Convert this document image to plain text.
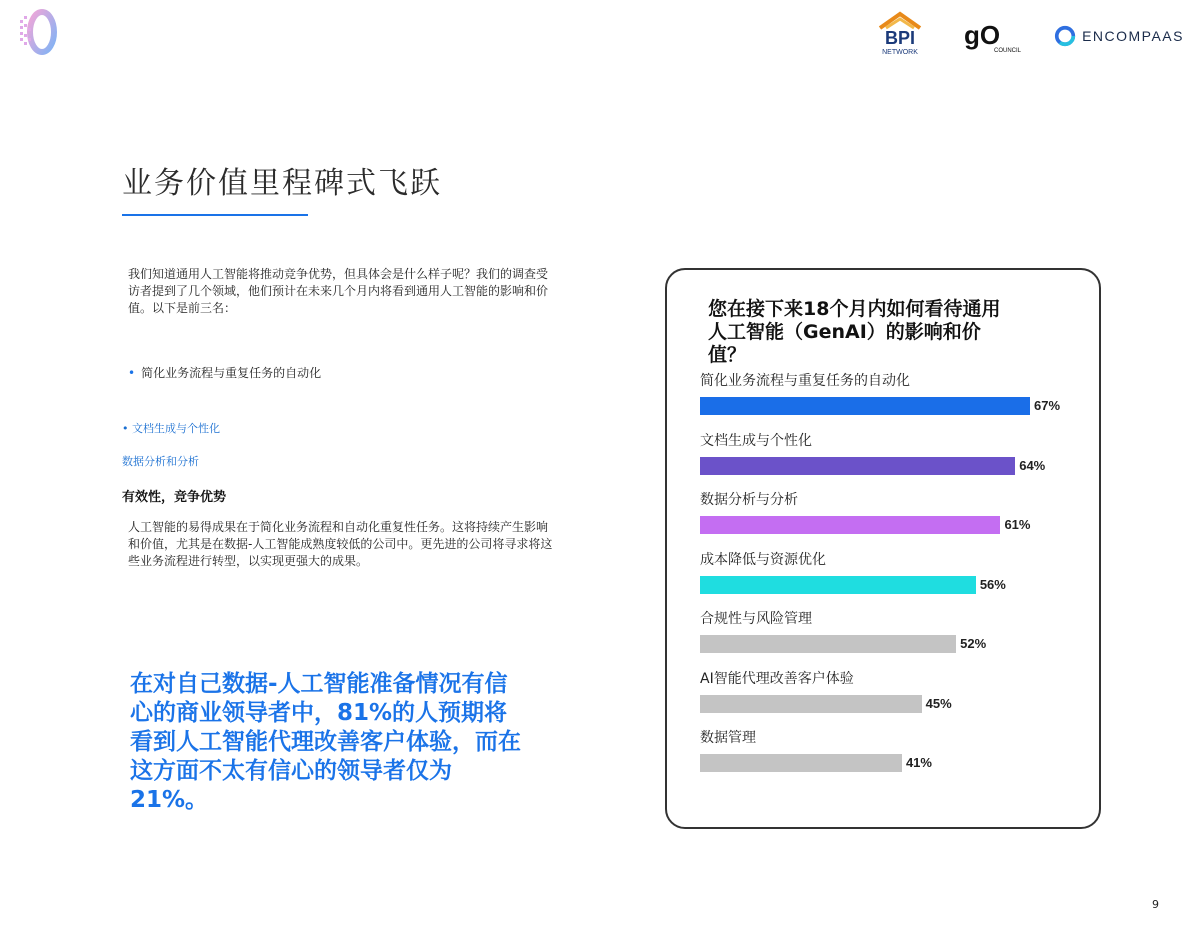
BPI
NETWORK
gO
COUNCIL
ENCOMPAAS
业务价值里程碑式飞跃
我们知道通用人工智能将推动竞争优势，但具体会是什么样子呢？我们的调查受访者提到了几个领域，他们预计在未来几个月内将看到通用人工智能的影响和价值。以下是前三名：
• 简化业务流程与重复任务的自动化
• 文档生成与个性化
数据分析和分析
有效性，竞争优势
人工智能的易得成果在于简化业务流程和自动化重复性任务。这将持续产生影响和价值，尤其是在数据-人工智能成熟度较低的公司中。更先进的公司将寻求将这些业务流程进行转型，以实现更强大的成果。
在对自己数据-人工智能准备情况有信心的商业领导者中，81%的人预期将看到人工智能代理改善客户体验，而在这方面不太有信心的领导者仅为21%。
您在接下来18个月内如何看待通用人工智能（GenAI）的影响和价值？
简化业务流程与重复任务的自动化
67%
文档生成与个性化
64%
数据分析与分析
61%
成本降低与资源优化
56%
合规性与风险管理
52%
AI智能代理改善客户体验
45%
数据管理
41%
9
